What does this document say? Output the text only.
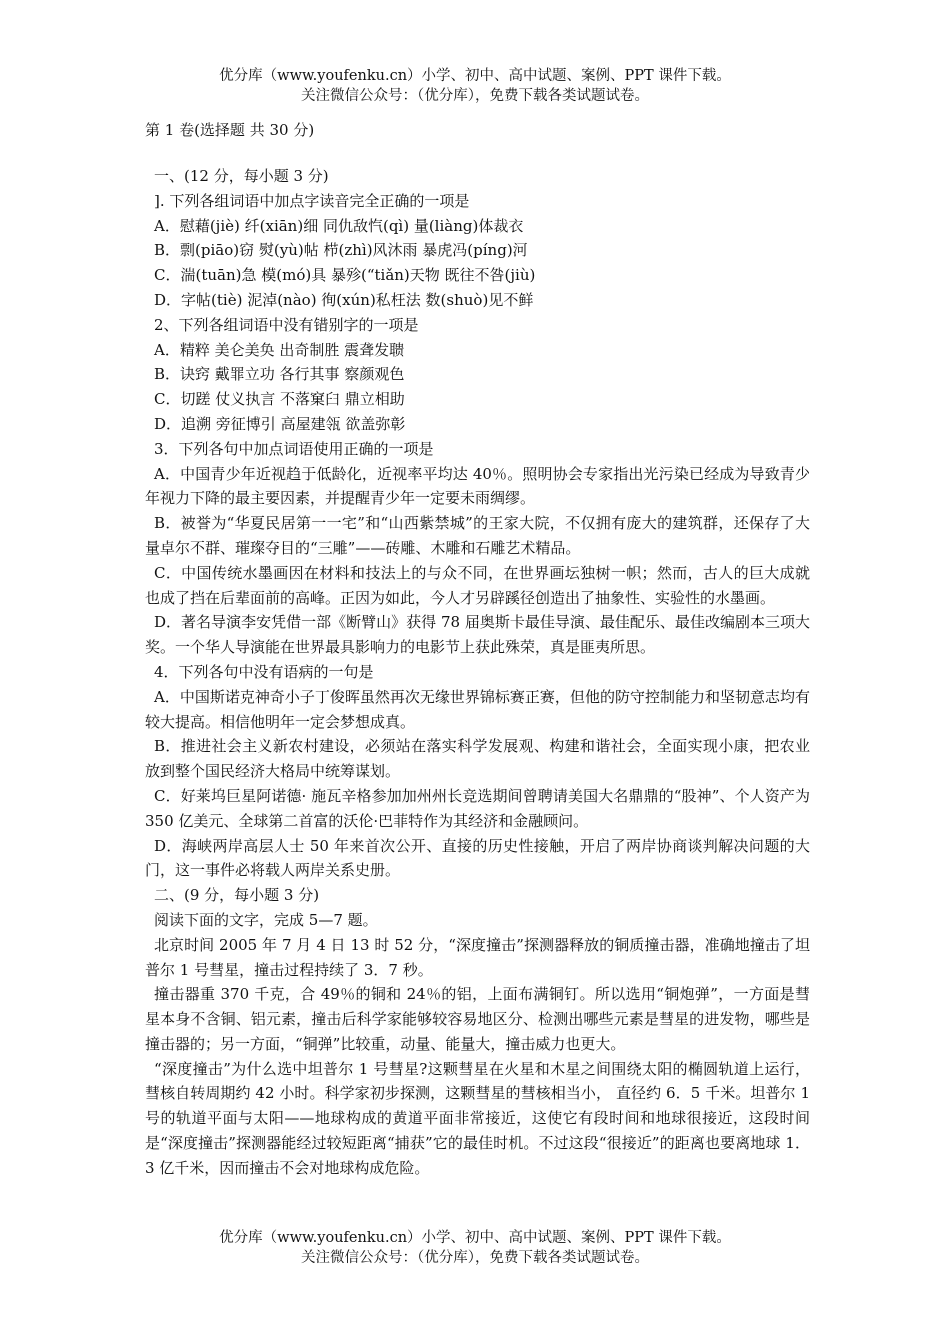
优分库（www.youfenku.cn）小学、初中、高中试题、案例、PPT 课件下载。
关注微信公众号：（优分库），免费下载各类试题试卷。

第 1 卷(选择题 共 30 分)

一、(12 分，每小题 3 分)

]. 下列各组词语中加点字读音完全正确的一项是

A．慰藉(jiè) 纤(xiān)细 同仇敌忾(qì) 量(liàng)体裁衣

B．剽(piāo)窃 熨(yù)帖 栉(zhì)风沐雨 暴虎冯(píng)河

C．湍(tuān)急 模(mó)具 暴殄(“tiǎn)天物 既往不咎(jiù)

D．字帖(tiè) 泥淖(nào) 徇(xún)私枉法 数(shuò)见不鲜

2、下列各组词语中没有错别字的一项是

A．精粹 美仑美奂 出奇制胜 震聋发聩

B．诀窍 戴罪立功 各行其事 察颜观色

C．切蹉 仗义执言 不落窠臼 鼎立相助

D．追溯 旁征博引 高屋建瓴 欲盖弥彰

3．下列各句中加点词语使用正确的一项是

A．中国青少年近视趋于低龄化，近视率平均达 40％。照明协会专家指出光污染已经成为导致青少年视力下降的最主要因素，并提醒青少年一定要未雨绸缪。

B．被誉为“华夏民居第一一宅”和“山西紫禁城”的王家大院，不仅拥有庞大的建筑群，还保存了大量卓尔不群、璀璨夺目的“三雕”——砖雕、木雕和石雕艺术精品。

C．中国传统水墨画因在材料和技法上的与众不同，在世界画坛独树一帜；然而，古人的巨大成就也成了挡在后辈面前的高峰。正因为如此，今人才另辟蹊径创造出了抽象性、实验性的水墨画。

D．著名导演李安凭借一部《断臂山》获得 78 届奥斯卡最佳导演、最佳配乐、最佳改编剧本三项大奖。一个华人导演能在世界最具影响力的电影节上获此殊荣，真是匪夷所思。

4．下列各句中没有语病的一句是

A．中国斯诺克神奇小子丁俊晖虽然再次无缘世界锦标赛正赛，但他的防守控制能力和坚韧意志均有较大提高。相信他明年一定会梦想成真。

B．推进社会主义新农村建设，必须站在落实科学发展观、构建和谐社会，全面实现小康，把农业放到整个国民经济大格局中统筹谋划。

C．好莱坞巨星阿诺德· 施瓦辛格参加加州州长竞选期间曾聘请美国大名鼎鼎的“股神”、个人资产为350 亿美元、全球第二首富的沃伦·巴菲特作为其经济和金融顾问。

D．海峡两岸高层人士 50 年来首次公开、直接的历史性接触，开启了两岸协商谈判解决问题的大门，这一事件必将载人两岸关系史册。

二、(9 分，每小题 3 分)

阅读下面的文字，完成 5—7 题。

北京时间 2005 年 7 月 4 日 13 时 52 分，“深度撞击”探测器释放的铜质撞击器，准确地撞击了坦普尔 1 号彗星，撞击过程持续了 3．7 秒。

撞击器重 370 千克，合 49％的铜和 24％的铝，上面布满铜钉。所以选用“铜炮弹”，一方面是彗星本身不含铜、铝元素，撞击后科学家能够较容易地区分、检测出哪些元素是彗星的进发物，哪些是撞击器的；另一方面，“铜弹”比较重，动量、能量大，撞击威力也更大。

“深度撞击”为什么选中坦普尔 1 号彗星?这颗彗星在火星和木星之间围绕太阳的椭圆轨道上运行，彗核自转周期约 42 小时。科学家初步探测，这颗彗星的彗核相当小， 直径约 6．5 千米。坦普尔 1 号的轨道平面与太阳——地球构成的黄道平面非常接近，这使它有段时间和地球很接近，这段时间是“深度撞击”探测器能经过较短距离“捕获”它的最佳时机。不过这段“很接近”的距离也要离地球 1．3 亿千米，因而撞击不会对地球构成危险。

优分库（www.youfenku.cn）小学、初中、高中试题、案例、PPT 课件下载。
关注微信公众号：（优分库），免费下载各类试题试卷。
